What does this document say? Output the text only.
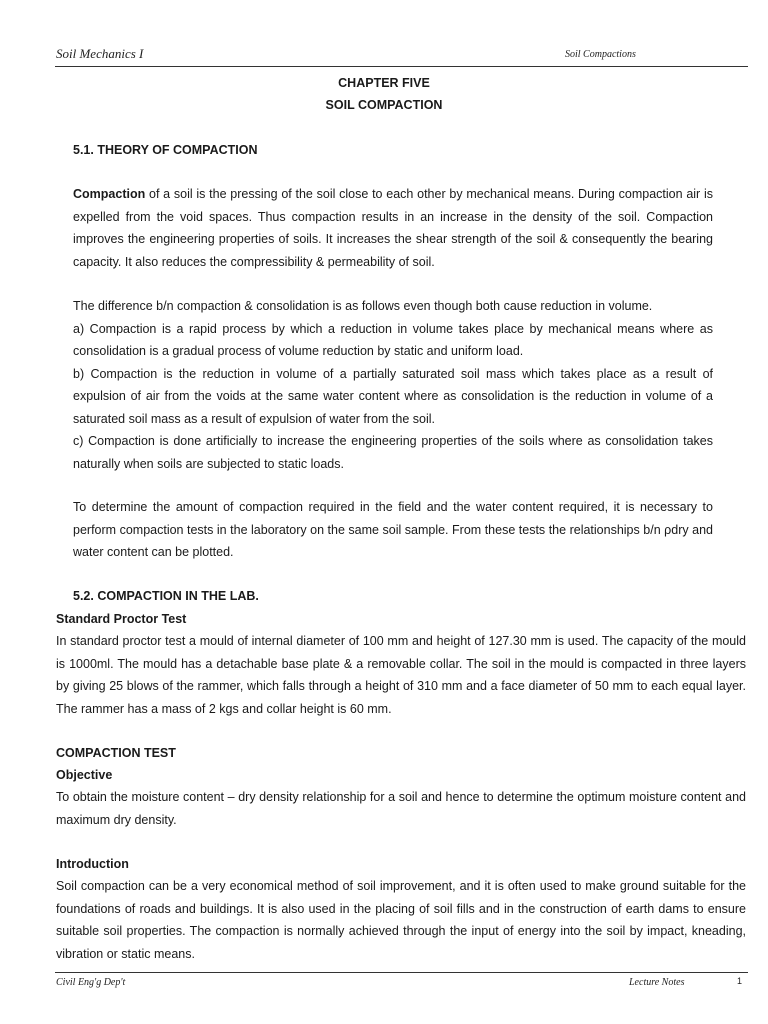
Soil Mechanics I	Soil Compactions
CHAPTER FIVE
SOIL COMPACTION
5.1. THEORY OF COMPACTION
Compaction of a soil is the pressing of the soil close to each other by mechanical means. During compaction air is expelled from the void spaces. Thus compaction results in an increase in the density of the soil. Compaction improves the engineering properties of soils. It increases the shear strength of the soil & consequently the bearing capacity. It also reduces the compressibility & permeability of soil.
The difference b/n compaction & consolidation is as follows even though both cause reduction in volume.
a) Compaction is a rapid process by which a reduction in volume takes place by mechanical means where as consolidation is a gradual process of volume reduction by static and uniform load.
b) Compaction is the reduction in volume of a partially saturated soil mass which takes place as a result of expulsion of air from the voids at the same water content where as consolidation is the reduction in volume of a saturated soil mass as a result of expulsion of water from the soil.
c) Compaction is done artificially to increase the engineering properties of the soils where as consolidation takes naturally when soils are subjected to static loads.
To determine the amount of compaction required in the field and the water content required, it is necessary to perform compaction tests in the laboratory on the same soil sample. From these tests the relationships b/n ρdry and water content can be plotted.
5.2. COMPACTION IN THE LAB.
Standard Proctor Test
In standard proctor test a mould of internal diameter of 100 mm and height of 127.30 mm is used. The capacity of the mould is 1000ml. The mould has a detachable base plate & a removable collar. The soil in the mould is compacted in three layers by giving 25 blows of the rammer, which falls through a height of 310 mm and a face diameter of 50 mm to each equal layer. The rammer has a mass of 2 kgs and collar height is 60 mm.
COMPACTION TEST
Objective
To obtain the moisture content – dry density relationship for a soil and hence to determine the optimum moisture content and maximum dry density.
Introduction
Soil compaction can be a very economical method of soil improvement, and it is often used to make ground suitable for the foundations of roads and buildings. It is also used in the placing of soil fills and in the construction of earth dams to ensure suitable soil properties. The compaction is normally achieved through the input of energy into the soil by impact, kneading, vibration or static means.
Civil Eng'g Dep't	Lecture Notes	1
